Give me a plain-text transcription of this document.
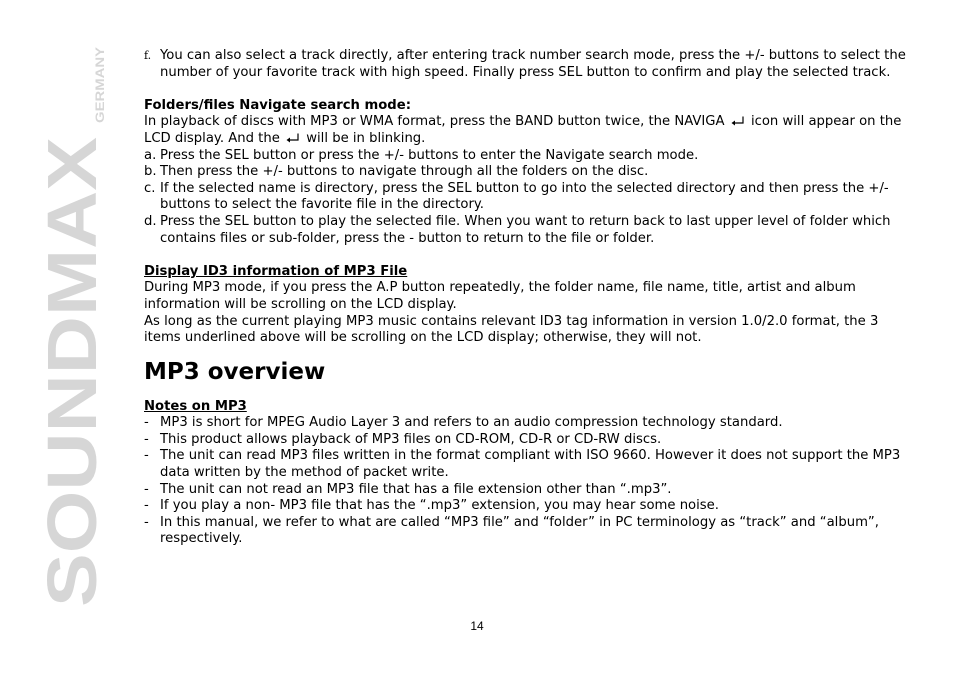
SOUNDMAX
GERMANY
f. You can also select a track directly, after entering track number search mode, press the +/- buttons to select the number of your favorite track with high speed. Finally press SEL button to confirm and play the selected track.

Folders/files Navigate search mode:

In playback of discs with MP3 or WMA format, press the BAND button twice, the NAVIGA icon will appear on the LCD display. And the will be in blinking.

a. Press the SEL button or press the +/- buttons to enter the Navigate search mode.
b. Then press the +/- buttons to navigate through all the folders on the disc.
c. If the selected name is directory, press the SEL button to go into the selected directory and then press the +/- buttons to select the favorite file in the directory.
d. Press the SEL button to play the selected file. When you want to return back to last upper level of folder which contains files or sub-folder, press the - button to return to the file or folder.

Display ID3 information of MP3 File

During MP3 mode, if you press the A.P button repeatedly, the folder name, file name, title, artist and album information will be scrolling on the LCD display.

As long as the current playing MP3 music contains relevant ID3 tag information in version 1.0/2.0 format, the 3 items underlined above will be scrolling on the LCD display; otherwise, they will not.

MP3 overview

Notes on MP3

- MP3 is short for MPEG Audio Layer 3 and refers to an audio compression technology standard.
- This product allows playback of MP3 files on CD-ROM, CD-R or CD-RW discs.
- The unit can read MP3 files written in the format compliant with ISO 9660. However it does not support the MP3 data written by the method of packet write.
- The unit can not read an MP3 file that has a file extension other than “.mp3”.
- If you play a non- MP3 file that has the “.mp3” extension, you may hear some noise.
- In this manual, we refer to what are called “MP3 file” and “folder” in PC terminology as “track” and “album”, respectively.
14
